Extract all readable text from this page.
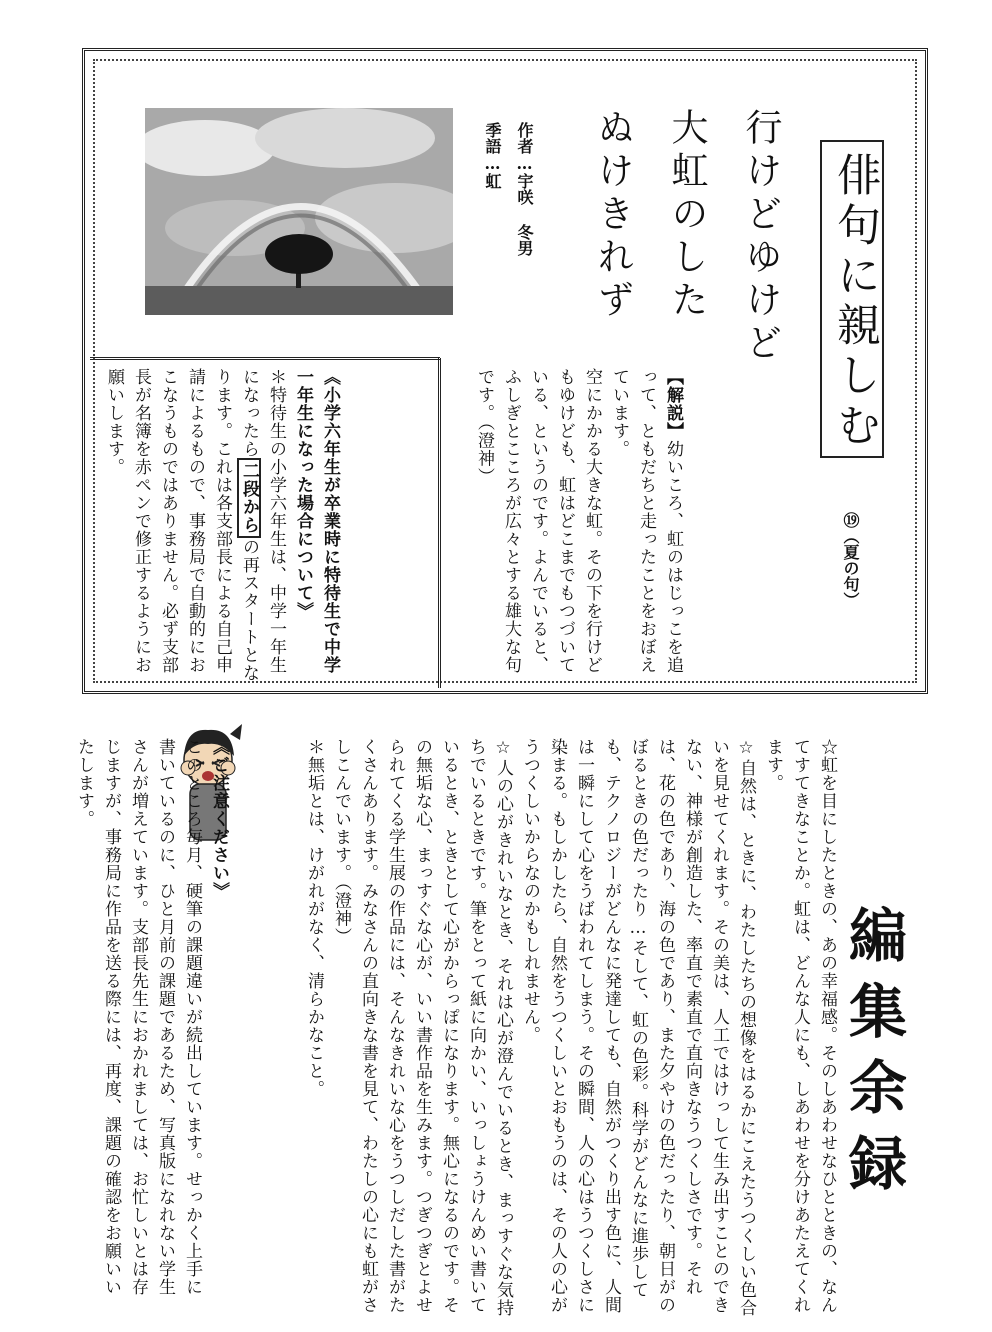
俳句に親しむ
⑲（夏の句）
行けどゆけど
大虹のした
ぬけきれず
作者…宇咲 冬男
季語…虹
【解説】幼いころ、虹のはじっこを追って、ともだちと走ったことをおぼえています。
空にかかる大きな虹。その下を行けどもゆけども、虹はどこまでもつづいている、というのです。よんでいると、ふしぎとこころが広々とする雄大な句です。（澄神）
《小学六年生が卒業時に特待生で中学一年生になった場合について》
＊特待生の小学六年生は、中学一年生になったら二段からの再スタートとなります。これは各支部長による自己申請によるもので、事務局で自動的におこなうものではありません。必ず支部長が名簿を赤ペンで修正するようにお願いします。
編集余録
☆虹を目にしたときの、あの幸福感。そのしあわせなひとときの、なんてすてきなことか。虹は、どんな人にも、しあわせを分けあたえてくれます。
☆自然は、ときに、わたしたちの想像をはるかにこえたうつくしい色合いを見せてくれます。その美は、人工ではけっして生み出すことのできない、神様が創造した、率直で素直で直向きなうつくしさです。それは、花の色であり、海の色であり、また夕やけの色だったり、朝日がのぼるときの色だったり…そして、虹の色彩。科学がどんなに進歩しても、テクノロジーがどんなに発達しても、自然がつくり出す色に、人間は一瞬にして心をうばわれてしまう。その瞬間、人の心はうつくしさに染まる。もしかしたら、自然をうつくしいとおもうのは、その人の心がうつくしいからなのかもしれません。
☆人の心がきれいなとき、それは心が澄んでいるとき、まっすぐな気持ちでいるときです。筆をとって紙に向かい、いっしょうけんめい書いているとき、ときとして心がからっぽになります。無心になるのです。その無垢な心、まっすぐな心が、いい書作品を生みます。つぎつぎとよせられてくる学生展の作品には、そんなきれいな心をうつしだした書がたくさんあります。みなさんの直向きな書を見て、わたしの心にも虹がさしこんでいます。（澄神）
＊無垢とは、けがれがなく、清らかなこと。
《ご注意ください》
このところ毎月、硬筆の課題違いが続出しています。せっかく上手に書いているのに、ひと月前の課題であるため、写真版になれない学生さんが増えています。支部長先生におかれましては、お忙しいとは存じますが、事務局に作品を送る際には、再度、課題の確認をお願いいたします。
